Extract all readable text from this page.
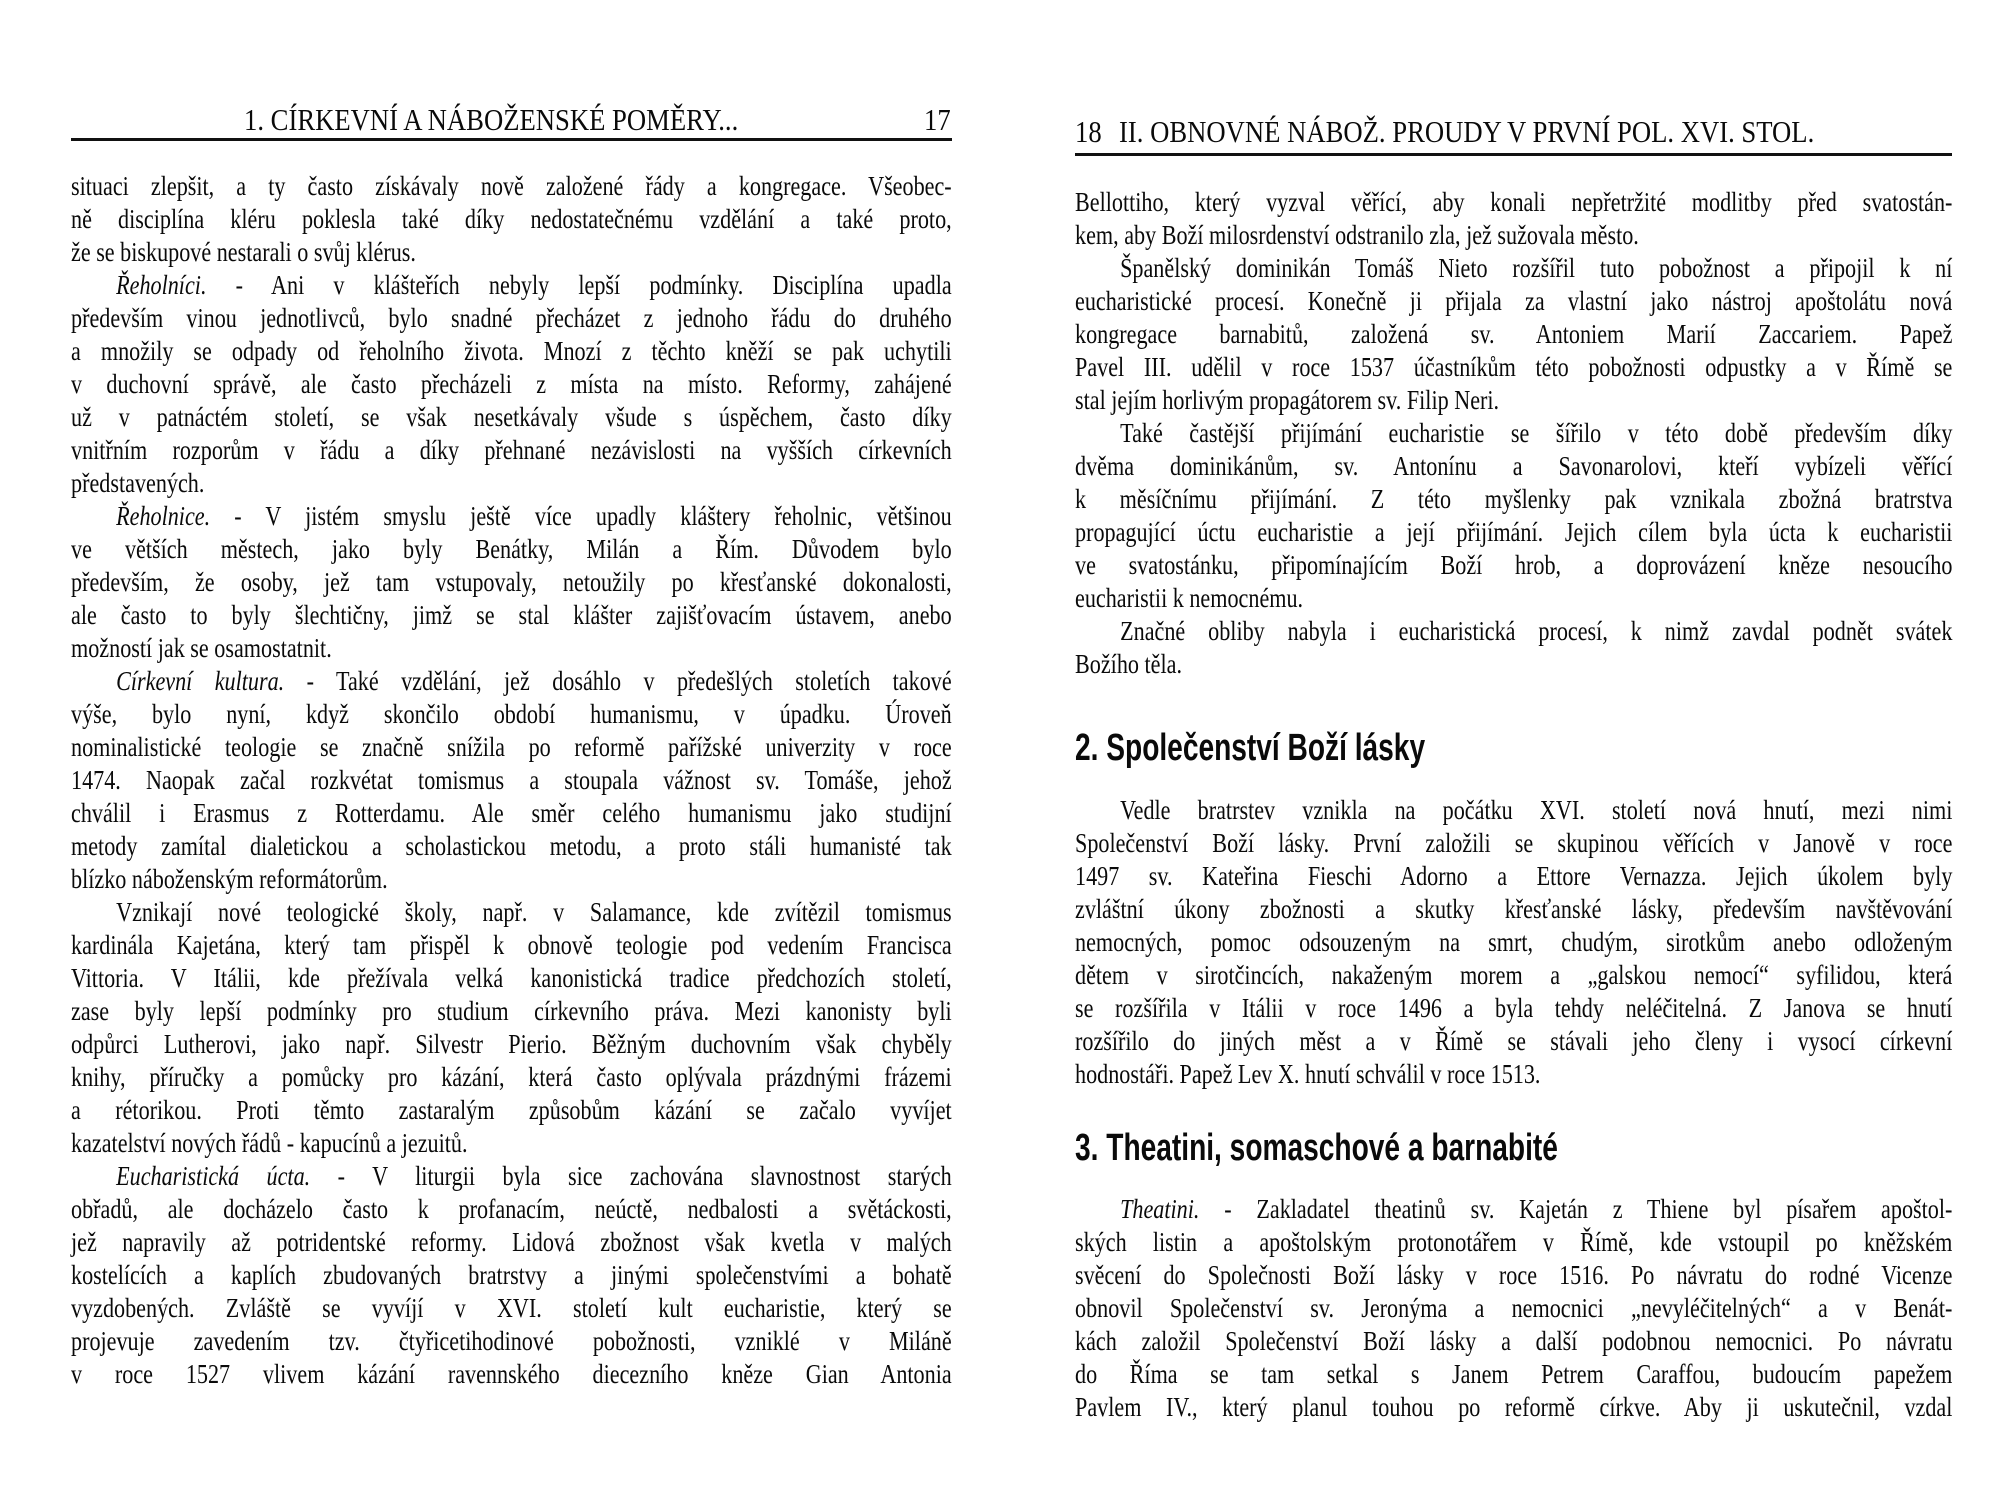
1. CÍRKEVNÍ A NÁBOŽENSKÉ POMĚRY...	17
situaci zlepšit, a ty často získávaly nově založené řády a kongregace. Všeobec-
ně disciplína kléru poklesla také díky nedostatečnému vzdělání a také proto,
že se biskupové nestarali o svůj klérus.
Řeholníci. - Ani v klášteřích nebyly lepší podmínky. Disciplína upadla
především vinou jednotlivců, bylo snadné přecházet z jednoho řádu do druhého
a množily se odpady od řeholního života. Mnozí z těchto kněží se pak uchytili
v duchovní správě, ale často přecházeli z místa na místo. Reformy, zahájené
už v patnáctém století, se však nesetkávaly všude s úspěchem, často díky
vnitřním rozporům v řádu a díky přehnané nezávislosti na vyšších církevních
představených.
Řeholnice. - V jistém smyslu ještě více upadly kláštery řeholnic, většinou
ve větších městech, jako byly Benátky, Milán a Řím. Důvodem bylo
především, že osoby, jež tam vstupovaly, netoužily po křesťanské dokonalosti,
ale často to byly šlechtičny, jimž se stal klášter zajišťovacím ústavem, anebo
možností jak se osamostatnit.
Církevní kultura. - Také vzdělání, jež dosáhlo v předešlých stoletích takové
výše, bylo nyní, když skončilo období humanismu, v úpadku. Úroveň
nominalistické teologie se značně snížila po reformě pařížské univerzity v roce
1474. Naopak začal rozkvétat tomismus a stoupala vážnost sv. Tomáše, jehož
chválil i Erasmus z Rotterdamu. Ale směr celého humanismu jako studijní
metody zamítal dialetickou a scholastickou metodu, a proto stáli humanisté tak
blízko náboženským reformátorům.
Vznikají nové teologické školy, např. v Salamance, kde zvítězil tomismus
kardinála Kajetána, který tam přispěl k obnově teologie pod vedením Francisca
Vittoria. V Itálii, kde přežívala velká kanonistická tradice předchozích století,
zase byly lepší podmínky pro studium církevního práva. Mezi kanonisty byli
odpůrci Lutherovi, jako např. Silvestr Pierio. Běžným duchovním však chyběly
knihy, příručky a pomůcky pro kázání, která často oplývala prázdnými frázemi
a rétorikou. Proti těmto zastaralým způsobům kázání se začalo vyvíjet
kazatelství nových řádů - kapucínů a jezuitů.
Eucharistická úcta. - V liturgii byla sice zachována slavnostnost starých
obřadů, ale docházelo často k profanacím, neúctě, nedbalosti a světáckosti,
jež napravily až potridentské reformy. Lidová zbožnost však kvetla v malých
kostelících a kaplích zbudovaných bratrstvy a jinými společenstvími a bohatě
vyzdobených. Zvláště se vyvíjí v XVI. století kult eucharistie, který se
projevuje zavedením tzv. čtyřicetihodinové pobožnosti, vzniklé v Miláně
v roce 1527 vlivem kázání ravennského diecezního kněze Gian Antonia
18 II. OBNOVNÉ NÁBOŽ. PROUDY V PRVNÍ POL. XVI. STOL.
Bellottiho, který vyzval věřící, aby konali nepřetržité modlitby před svatostán-
kem, aby Boží milosrdenství odstranilo zla, jež sužovala město.
Španělský dominikán Tomáš Nieto rozšířil tuto pobožnost a připojil k ní
eucharistické procesí. Konečně ji přijala za vlastní jako nástroj apoštolátu nová
kongregace barnabitů, založená sv. Antoniem Marií Zaccariem. Papež
Pavel III. udělil v roce 1537 účastníkům této pobožnosti odpustky a v Římě se
stal jejím horlivým propagátorem sv. Filip Neri.
Také častější přijímání eucharistie se šířilo v této době především díky
dvěma dominikánům, sv. Antonínu a Savonarolovi, kteří vybízeli věřící
k měsíčnímu přijímání. Z této myšlenky pak vznikala zbožná bratrstva
propagující úctu eucharistie a její přijímání. Jejich cílem byla úcta k eucharistii
ve svatostánku, připomínajícím Boží hrob, a doprovázení kněze nesoucího
eucharistii k nemocnému.
Značné obliby nabyla i eucharistická procesí, k nimž zavdal podnět svátek
Božího těla.
2. Společenství Boží lásky
Vedle bratrstev vznikla na počátku XVI. století nová hnutí, mezi nimi
Společenství Boží lásky. První založili se skupinou věřících v Janově v roce
1497 sv. Kateřina Fieschi Adorno a Ettore Vernazza. Jejich úkolem byly
zvláštní úkony zbožnosti a skutky křesťanské lásky, především navštěvování
nemocných, pomoc odsouzeným na smrt, chudým, sirotkům anebo odloženým
dětem v sirotčincích, nakaženým morem a „galskou nemocí“ syfilidou, která
se rozšířila v Itálii v roce 1496 a byla tehdy neléčitelná. Z Janova se hnutí
rozšířilo do jiných měst a v Římě se stávali jeho členy i vysocí církevní
hodnostáři. Papež Lev X. hnutí schválil v roce 1513.
3. Theatini, somaschové a barnabité
Theatini. - Zakladatel theatinů sv. Kajetán z Thiene byl písařem apoštol-
ských listin a apoštolským protonotářem v Římě, kde vstoupil po kněžském
svěcení do Společnosti Boží lásky v roce 1516. Po návratu do rodné Vicenze
obnovil Společenství sv. Jeronýma a nemocnici „nevyléčitelných“ a v Benát-
kách založil Společenství Boží lásky a další podobnou nemocnici. Po návratu
do Říma se tam setkal s Janem Petrem Caraffou, budoucím papežem
Pavlem IV., který planul touhou po reformě církve. Aby ji uskutečnil, vzdal
